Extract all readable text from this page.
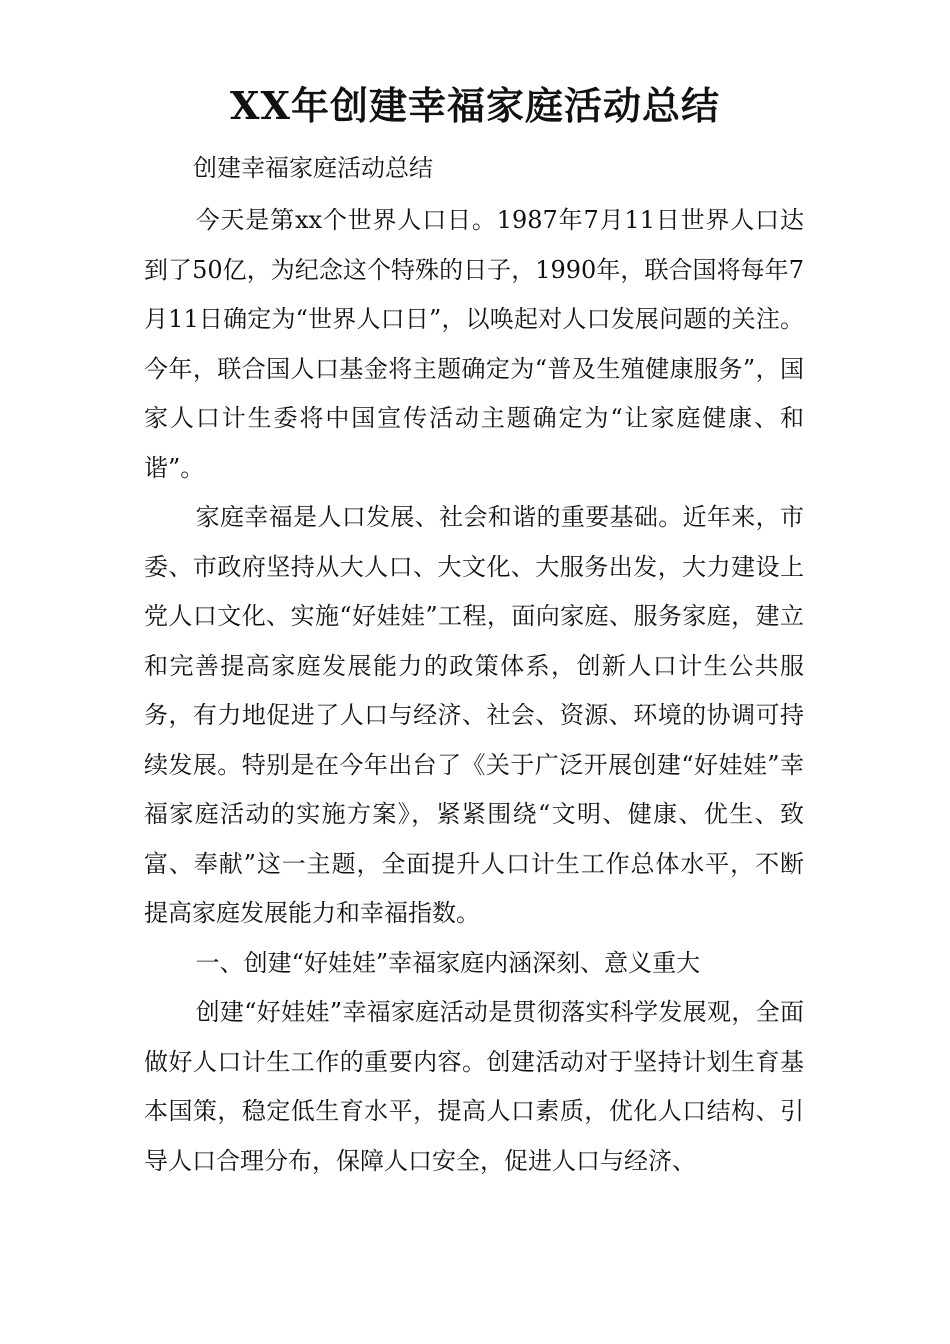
XX年创建幸福家庭活动总结

创建幸福家庭活动总结

今天是第xx个世界人口日。1987年7月11日世界人口达到了50亿，为纪念这个特殊的日子，1990年，联合国将每年7月11日确定为“世界人口日”，以唤起对人口发展问题的关注。今年，联合国人口基金将主题确定为“普及生殖健康服务”，国家人口计生委将中国宣传活动主题确定为“让家庭健康、和谐”。

家庭幸福是人口发展、社会和谐的重要基础。近年来，市委、市政府坚持从大人口、大文化、大服务出发，大力建设上党人口文化、实施“好娃娃”工程，面向家庭、服务家庭，建立和完善提高家庭发展能力的政策体系，创新人口计生公共服务，有力地促进了人口与经济、社会、资源、环境的协调可持续发展。特别是在今年出台了《关于广泛开展创建“好娃娃”幸福家庭活动的实施方案》，紧紧围绕“文明、健康、优生、致富、奉献”这一主题，全面提升人口计生工作总体水平，不断提高家庭发展能力和幸福指数。

一、创建“好娃娃”幸福家庭内涵深刻、意义重大

创建“好娃娃”幸福家庭活动是贯彻落实科学发展观，全面做好人口计生工作的重要内容。创建活动对于坚持计划生育基本国策，稳定低生育水平，提高人口素质，优化人口结构、引导人口合理分布，保障人口安全，促进人口与经济、
